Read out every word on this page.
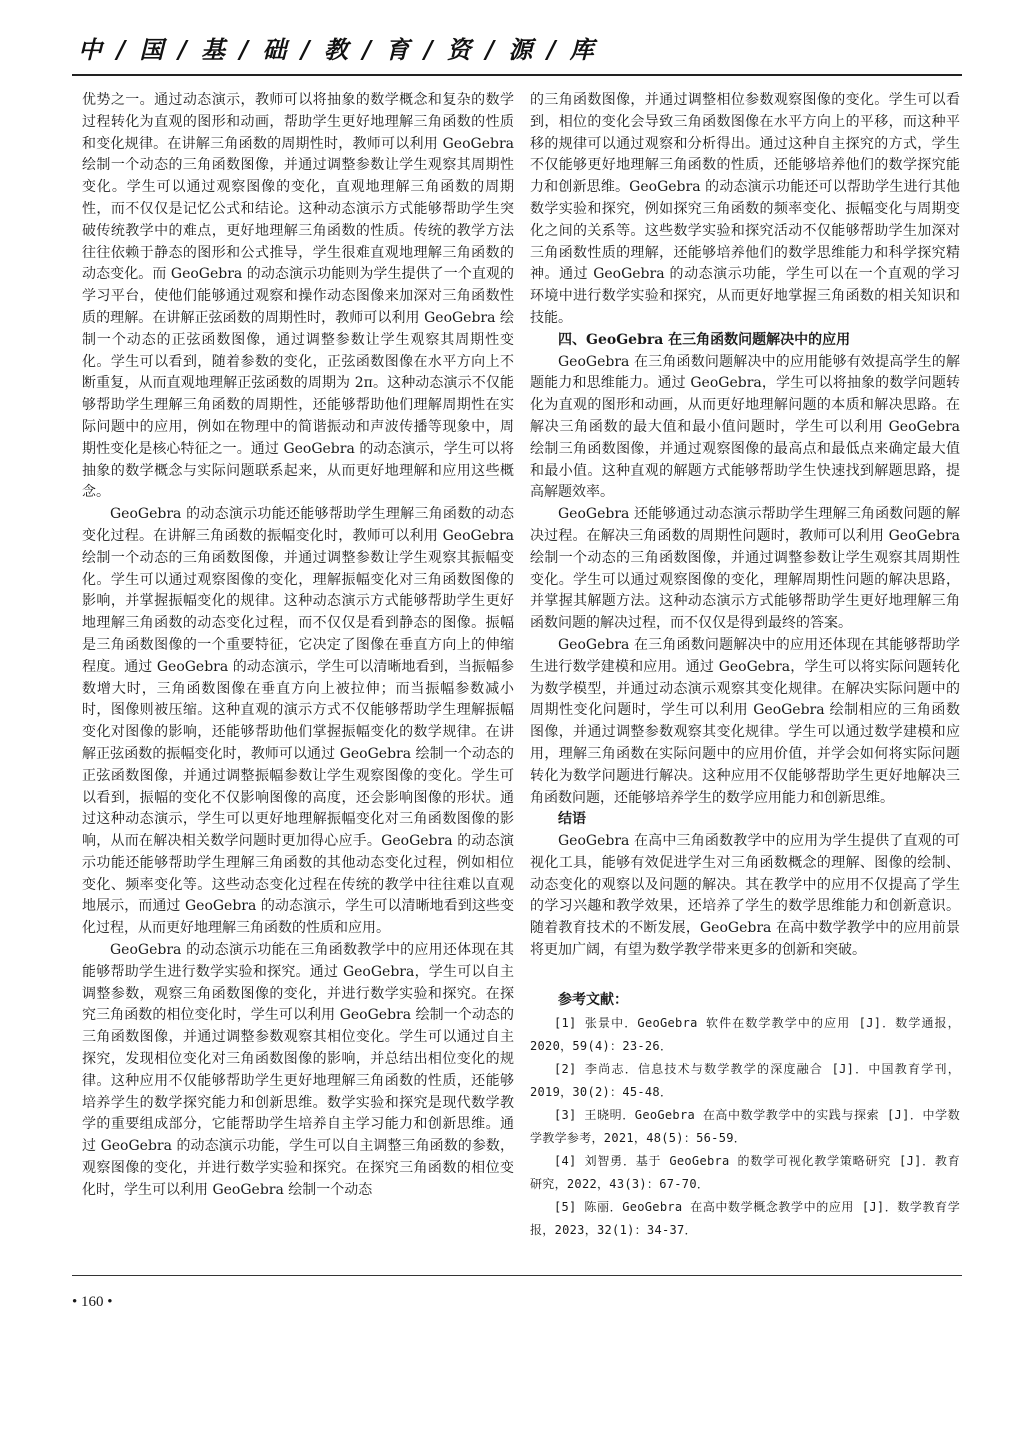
中 / 国 / 基 / 础 / 教 / 育 / 资 / 源 / 库

优势之一。通过动态演示，教师可以将抽象的数学概念和复杂的数学过程转化为直观的图形和动画，帮助学生更好地理解三角函数的性质和变化规律。在讲解三角函数的周期性时，教师可以利用 GeoGebra 绘制一个动态的三角函数图像，并通过调整参数让学生观察其周期性变化。学生可以通过观察图像的变化，直观地理解三角函数的周期性，而不仅仅是记忆公式和结论。这种动态演示方式能够帮助学生突破传统教学中的难点，更好地理解三角函数的性质。传统的教学方法往往依赖于静态的图形和公式推导，学生很难直观地理解三角函数的动态变化。而 GeoGebra 的动态演示功能则为学生提供了一个直观的学习平台，使他们能够通过观察和操作动态图像来加深对三角函数性质的理解。在讲解正弦函数的周期性时，教师可以利用 GeoGebra 绘制一个动态的正弦函数图像，通过调整参数让学生观察其周期性变化。学生可以看到，随着参数的变化，正弦函数图像在水平方向上不断重复，从而直观地理解正弦函数的周期为 2π。这种动态演示不仅能够帮助学生理解三角函数的周期性，还能够帮助他们理解周期性在实际问题中的应用，例如在物理中的简谐振动和声波传播等现象中，周期性变化是核心特征之一。通过 GeoGebra 的动态演示，学生可以将抽象的数学概念与实际问题联系起来，从而更好地理解和应用这些概念。

GeoGebra 的动态演示功能还能够帮助学生理解三角函数的动态变化过程。在讲解三角函数的振幅变化时，教师可以利用 GeoGebra 绘制一个动态的三角函数图像，并通过调整参数让学生观察其振幅变化。学生可以通过观察图像的变化，理解振幅变化对三角函数图像的影响，并掌握振幅变化的规律。这种动态演示方式能够帮助学生更好地理解三角函数的动态变化过程，而不仅仅是看到静态的图像。振幅是三角函数图像的一个重要特征，它决定了图像在垂直方向上的伸缩程度。通过 GeoGebra 的动态演示，学生可以清晰地看到，当振幅参数增大时，三角函数图像在垂直方向上被拉伸；而当振幅参数减小时，图像则被压缩。这种直观的演示方式不仅能够帮助学生理解振幅变化对图像的影响，还能够帮助他们掌握振幅变化的数学规律。在讲解正弦函数的振幅变化时，教师可以通过 GeoGebra 绘制一个动态的正弦函数图像，并通过调整振幅参数让学生观察图像的变化。学生可以看到，振幅的变化不仅影响图像的高度，还会影响图像的形状。通过这种动态演示，学生可以更好地理解振幅变化对三角函数图像的影响，从而在解决相关数学问题时更加得心应手。GeoGebra 的动态演示功能还能够帮助学生理解三角函数的其他动态变化过程，例如相位变化、频率变化等。这些动态变化过程在传统的教学中往往难以直观地展示，而通过 GeoGebra 的动态演示，学生可以清晰地看到这些变化过程，从而更好地理解三角函数的性质和应用。

GeoGebra 的动态演示功能在三角函数教学中的应用还体现在其能够帮助学生进行数学实验和探究。通过 GeoGebra，学生可以自主调整参数，观察三角函数图像的变化，并进行数学实验和探究。在探究三角函数的相位变化时，学生可以利用 GeoGebra 绘制一个动态的三角函数图像，并通过调整参数观察其相位变化。学生可以通过自主探究，发现相位变化对三角函数图像的影响，并总结出相位变化的规律。这种应用不仅能够帮助学生更好地理解三角函数的性质，还能够培养学生的数学探究能力和创新思维。数学实验和探究是现代数学教学的重要组成部分，它能帮助学生培养自主学习能力和创新思维。通过 GeoGebra 的动态演示功能，学生可以自主调整三角函数的参数，观察图像的变化，并进行数学实验和探究。在探究三角函数的相位变化时，学生可以利用 GeoGebra 绘制一个动态

的三角函数图像，并通过调整相位参数观察图像的变化。学生可以看到，相位的变化会导致三角函数图像在水平方向上的平移，而这种平移的规律可以通过观察和分析得出。通过这种自主探究的方式，学生不仅能够更好地理解三角函数的性质，还能够培养他们的数学探究能力和创新思维。GeoGebra 的动态演示功能还可以帮助学生进行其他数学实验和探究，例如探究三角函数的频率变化、振幅变化与周期变化之间的关系等。这些数学实验和探究活动不仅能够帮助学生加深对三角函数性质的理解，还能够培养他们的数学思维能力和科学探究精神。通过 GeoGebra 的动态演示功能，学生可以在一个直观的学习环境中进行数学实验和探究，从而更好地掌握三角函数的相关知识和技能。

四、GeoGebra 在三角函数问题解决中的应用

GeoGebra 在三角函数问题解决中的应用能够有效提高学生的解题能力和思维能力。通过 GeoGebra，学生可以将抽象的数学问题转化为直观的图形和动画，从而更好地理解问题的本质和解决思路。在解决三角函数的最大值和最小值问题时，学生可以利用 GeoGebra 绘制三角函数图像，并通过观察图像的最高点和最低点来确定最大值和最小值。这种直观的解题方式能够帮助学生快速找到解题思路，提高解题效率。

GeoGebra 还能够通过动态演示帮助学生理解三角函数问题的解决过程。在解决三角函数的周期性问题时，教师可以利用 GeoGebra 绘制一个动态的三角函数图像，并通过调整参数让学生观察其周期性变化。学生可以通过观察图像的变化，理解周期性问题的解决思路，并掌握其解题方法。这种动态演示方式能够帮助学生更好地理解三角函数问题的解决过程，而不仅仅是得到最终的答案。

GeoGebra 在三角函数问题解决中的应用还体现在其能够帮助学生进行数学建模和应用。通过 GeoGebra，学生可以将实际问题转化为数学模型，并通过动态演示观察其变化规律。在解决实际问题中的周期性变化问题时，学生可以利用 GeoGebra 绘制相应的三角函数图像，并通过调整参数观察其变化规律。学生可以通过数学建模和应用，理解三角函数在实际问题中的应用价值，并学会如何将实际问题转化为数学问题进行解决。这种应用不仅能够帮助学生更好地解决三角函数问题，还能够培养学生的数学应用能力和创新思维。

结语

GeoGebra 在高中三角函数教学中的应用为学生提供了直观的可视化工具，能够有效促进学生对三角函数概念的理解、图像的绘制、动态变化的观察以及问题的解决。其在教学中的应用不仅提高了学生的学习兴趣和教学效果，还培养了学生的数学思维能力和创新意识。随着教育技术的不断发展，GeoGebra 在高中数学教学中的应用前景将更加广阔，有望为数学教学带来更多的创新和突破。

参考文献：

[1] 张景中．GeoGebra 软件在数学教学中的应用 [J]．数学通报，2020，59(4)：23-26．
[2] 李尚志．信息技术与数学教学的深度融合 [J]．中国教育学刊，2019，30(2)：45-48．
[3] 王晓明．GeoGebra 在高中数学教学中的实践与探索 [J]．中学数学教学参考，2021，48(5)：56-59．
[4] 刘智勇．基于 GeoGebra 的数学可视化教学策略研究 [J]．教育研究，2022，43(3)：67-70．
[5] 陈丽．GeoGebra 在高中数学概念教学中的应用 [J]．数学教育学报，2023，32(1)：34-37．
• 160 •
